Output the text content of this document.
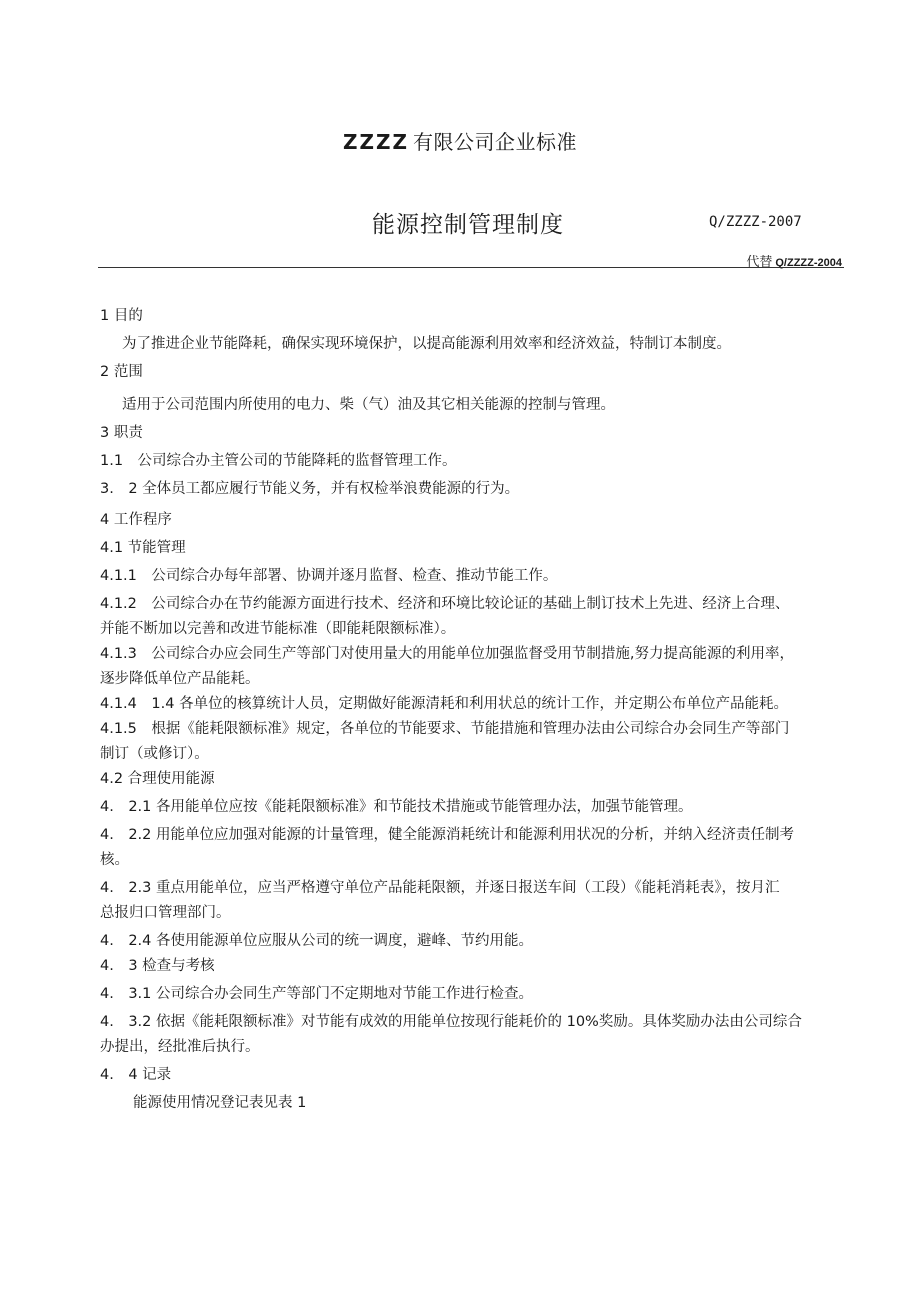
ZZZZ 有限公司企业标准
能源控制管理制度	Q/ZZZZ-2007
代替 Q/ZZZZ-2004

1 目的

为了推进企业节能降耗，确保实现环境保护，以提高能源利用效率和经济效益，特制订本制度。

2 范围

适用于公司范围内所使用的电力、柴（气）油及其它相关能源的控制与管理。

3 职责

1.1　公司综合办主管公司的节能降耗的监督管理工作。

3.　2 全体员工都应履行节能义务，并有权检举浪费能源的行为。

4 工作程序

4.1 节能管理

4.1.1　公司综合办每年部署、协调并逐月监督、检查、推动节能工作。

4.1.2　公司综合办在节约能源方面进行技术、经济和环境比较论证的基础上制订技术上先进、经济上合理、

并能不断加以完善和改进节能标准（即能耗限额标准）。

4.1.3　公司综合办应会同生产等部门对使用量大的用能单位加强监督受用节制措施,努力提高能源的利用率，

逐步降低单位产品能耗。

4.1.4　1.4 各单位的核算统计人员，定期做好能源清耗和利用状总的统计工作，并定期公布单位产品能耗。

4.1.5　根据《能耗限额标准》规定，各单位的节能要求、节能措施和管理办法由公司综合办会同生产等部门

制订（或修订）。

4.2 合理使用能源

4.　2.1 各用能单位应按《能耗限额标准》和节能技术措施或节能管理办法，加强节能管理。

4.　2.2 用能单位应加强对能源的计量管理，健全能源消耗统计和能源利用状况的分析，并纳入经济责任制考

核。

4.　2.3 重点用能单位，应当严格遵守单位产品能耗限额，并逐日报送车间（工段）《能耗消耗表》，按月汇

总报归口管理部门。

4.　2.4 各使用能源单位应服从公司的统一调度，避峰、节约用能。

4.　3 检查与考核

4.　3.1 公司综合办会同生产等部门不定期地对节能工作进行检查。

4.　3.2 依据《能耗限额标准》对节能有成效的用能单位按现行能耗价的 10%奖励。具体奖励办法由公司综合

办提出，经批准后执行。

4.　4 记录

能源使用情况登记表见表 1
